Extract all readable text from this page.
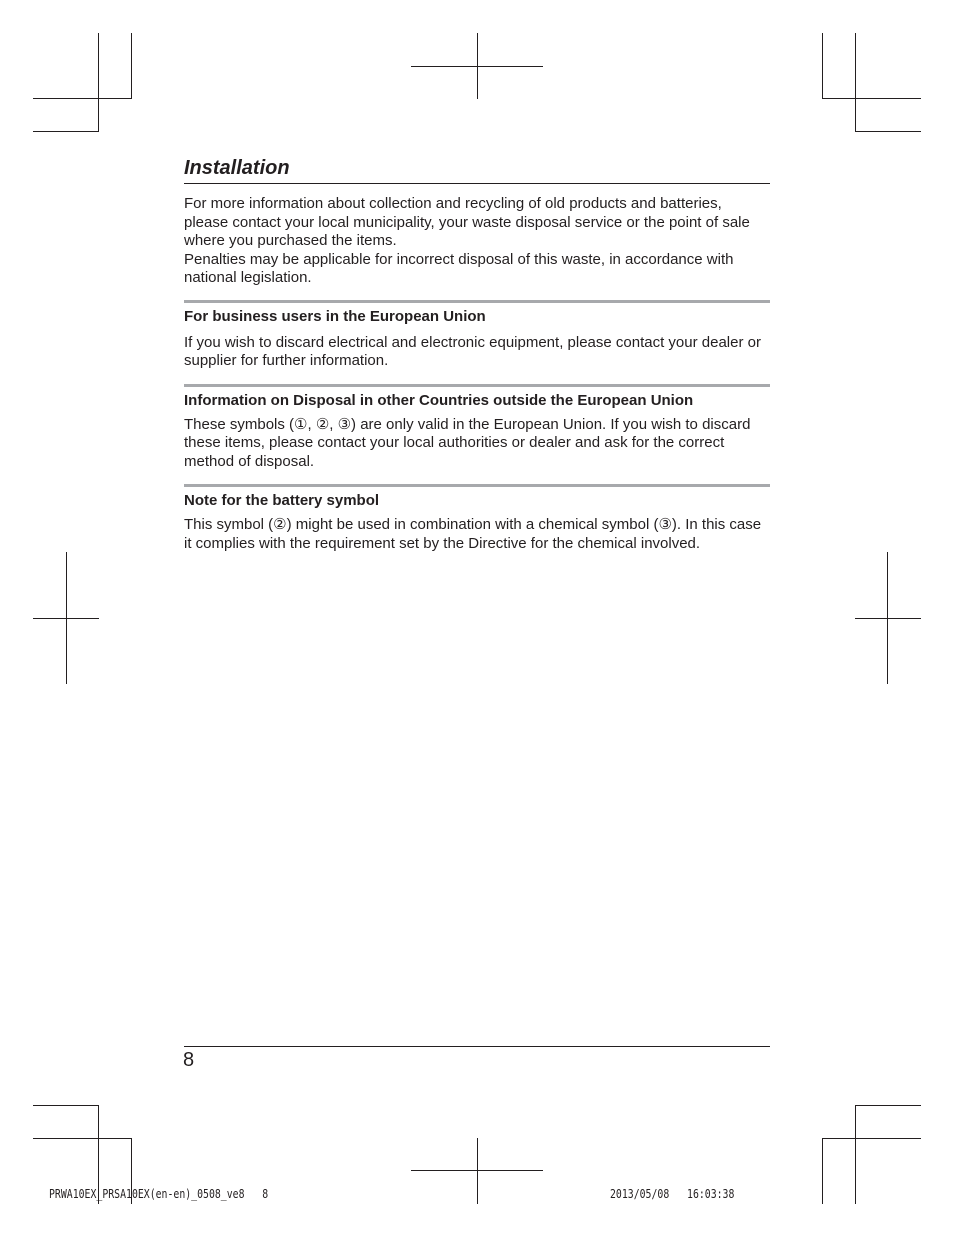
Installation

For more information about collection and recycling of old products and batteries, please contact your local municipality, your waste disposal service or the point of sale where you purchased the items.

Penalties may be applicable for incorrect disposal of this waste, in accordance with national legislation.

For business users in the European Union

If you wish to discard electrical and electronic equipment, please contact your dealer or supplier for further information.

Information on Disposal in other Countries outside the European Union

These symbols (①, ②, ③) are only valid in the European Union. If you wish to discard these items, please contact your local authorities or dealer and ask for the correct method of disposal.

Note for the battery symbol

This symbol (②) might be used in combination with a chemical symbol (③). In this case it complies with the requirement set by the Directive for the chemical involved.

8
PRWA10EX_PRSA10EX(en-en)_0508_ve8   8	2013/05/08   16:03:38
